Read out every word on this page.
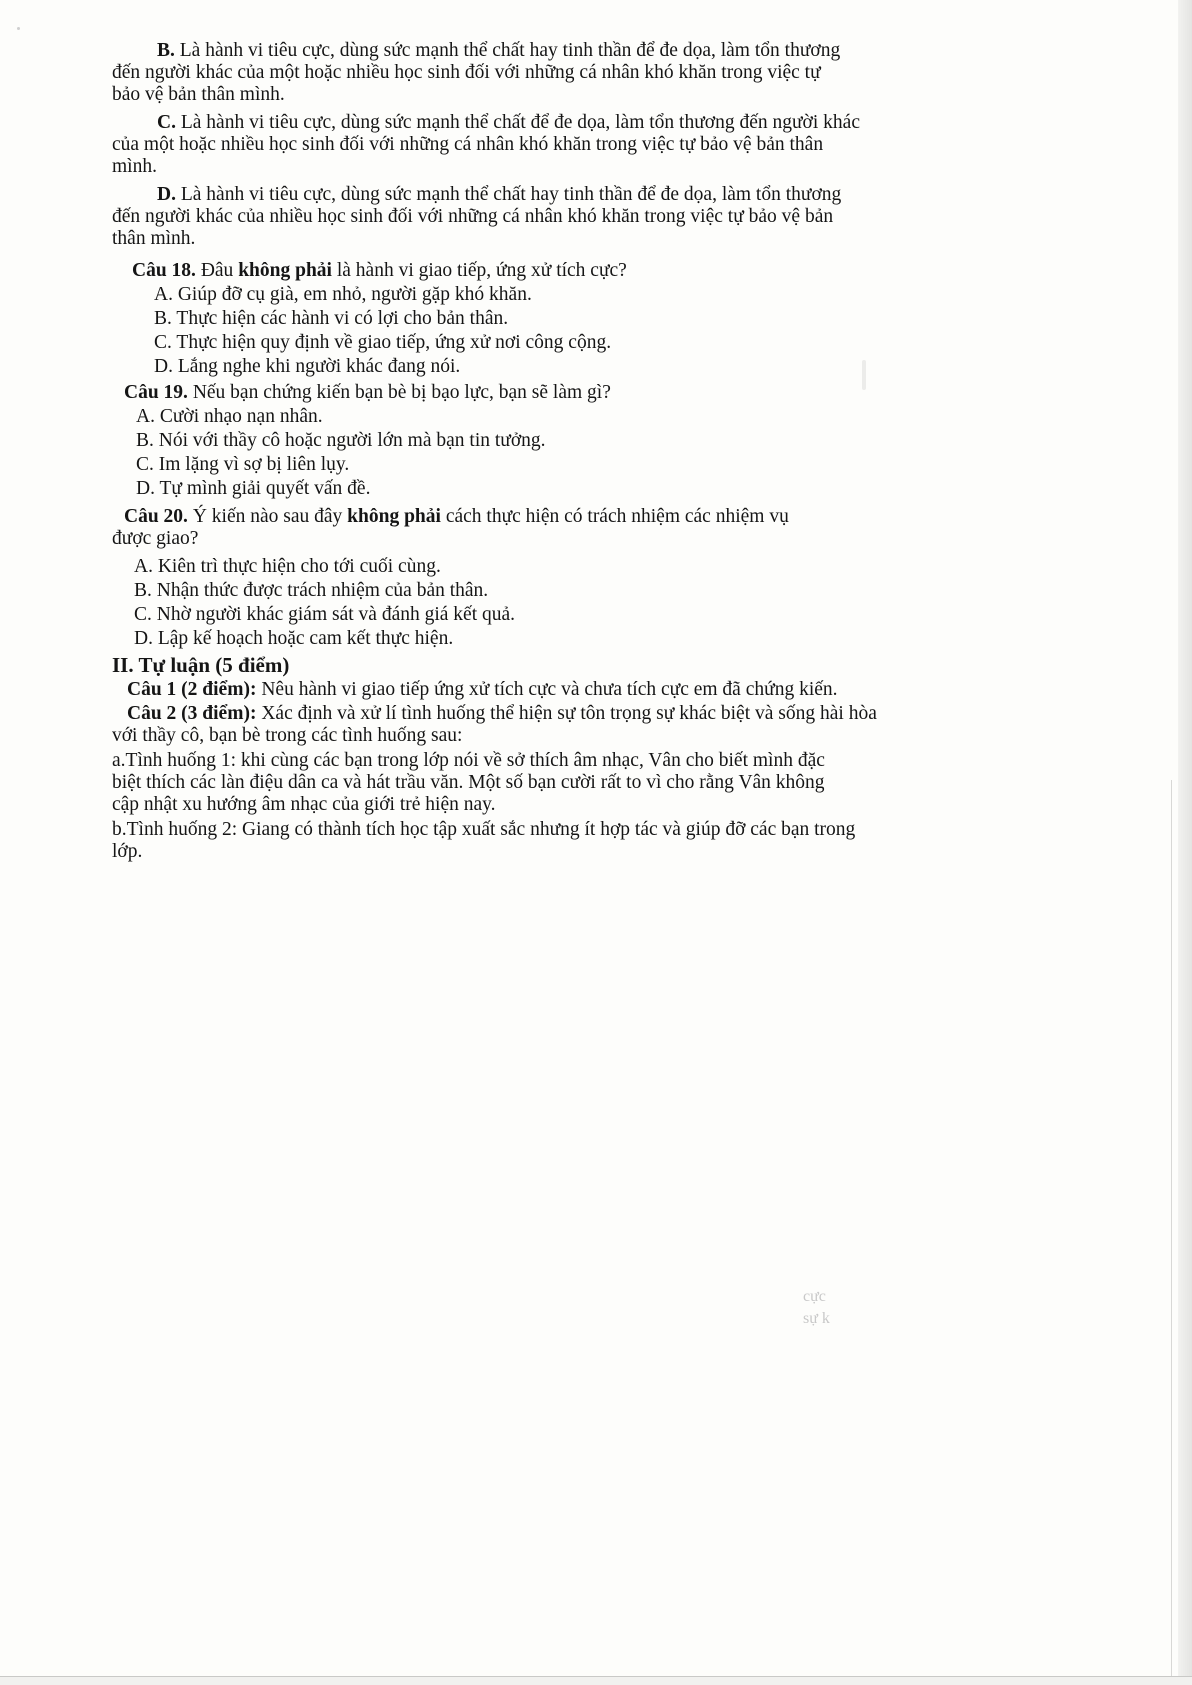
B. Là hành vi tiêu cực, dùng sức mạnh thể chất hay tinh thần để đe dọa, làm tổn thương

đến người khác của một hoặc nhiều học sinh đối với những cá nhân khó khăn trong việc tự

bảo vệ bản thân mình.

C. Là hành vi tiêu cực, dùng sức mạnh thể chất để đe dọa, làm tổn thương đến người khác

của một hoặc nhiều học sinh đối với những cá nhân khó khăn trong việc tự bảo vệ bản thân

mình.

D. Là hành vi tiêu cực, dùng sức mạnh thể chất hay tinh thần để đe dọa, làm tổn thương

đến người khác của nhiều học sinh đối với những cá nhân khó khăn trong việc tự bảo vệ bản

thân mình.

Câu 18. Đâu không phải là hành vi giao tiếp, ứng xử tích cực?

A. Giúp đỡ cụ già, em nhỏ, người gặp khó khăn.

B. Thực hiện các hành vi có lợi cho bản thân.

C. Thực hiện quy định về giao tiếp, ứng xử nơi công cộng.

D. Lắng nghe khi người khác đang nói.

Câu 19. Nếu bạn chứng kiến bạn bè bị bạo lực, bạn sẽ làm gì?

A. Cười nhạo nạn nhân.

B. Nói với thầy cô hoặc người lớn mà bạn tin tưởng.

C. Im lặng vì sợ bị liên lụy.

D. Tự mình giải quyết vấn đề.

Câu 20. Ý kiến nào sau đây không phải cách thực hiện có trách nhiệm các nhiệm vụ

được giao?

A. Kiên trì thực hiện cho tới cuối cùng.

B. Nhận thức được trách nhiệm của bản thân.

C. Nhờ người khác giám sát và đánh giá kết quả.

D. Lập kế hoạch hoặc cam kết thực hiện.

II. Tự luận (5 điểm)

Câu 1 (2 điểm): Nêu hành vi giao tiếp ứng xử tích cực và chưa tích cực em đã chứng kiến.

Câu 2 (3 điểm): Xác định và xử lí tình huống thể hiện sự tôn trọng sự khác biệt và sống hài hòa

với thầy cô, bạn bè trong các tình huống sau:

a.Tình huống 1: khi cùng các bạn trong lớp nói về sở thích âm nhạc, Vân cho biết mình đặc

biệt thích các làn điệu dân ca và hát trầu văn. Một số bạn cười rất to vì cho rằng Vân không

cập nhật xu hướng âm nhạc của giới trẻ hiện nay.

b.Tình huống 2: Giang có thành tích học tập xuất sắc nhưng ít hợp tác và giúp đỡ các bạn trong

lớp.

cực
sự k
